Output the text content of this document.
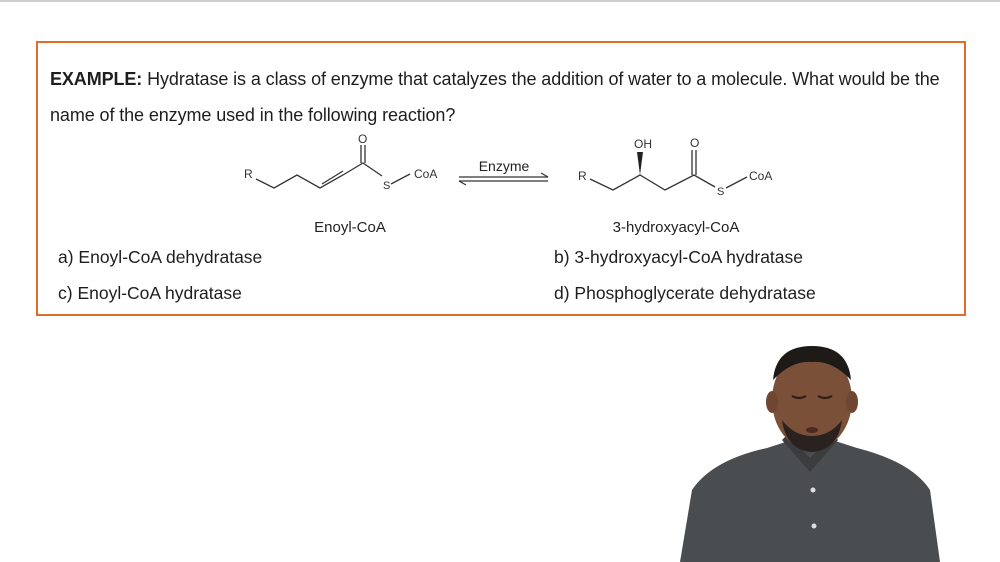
EXAMPLE: Hydratase is a class of enzyme that catalyzes the addition of water to a molecule. What would be the name of the enzyme used in the following reaction?
R
O
S
CoA
Enoyl-CoA
Enzyme
R
OH	O
S
CoA
3-hydroxyacyl-CoA
a) Enoyl-CoA dehydratase	b) 3-hydroxyacyl-CoA hydratase
c) Enoyl-CoA hydratase	d) Phosphoglycerate dehydratase
